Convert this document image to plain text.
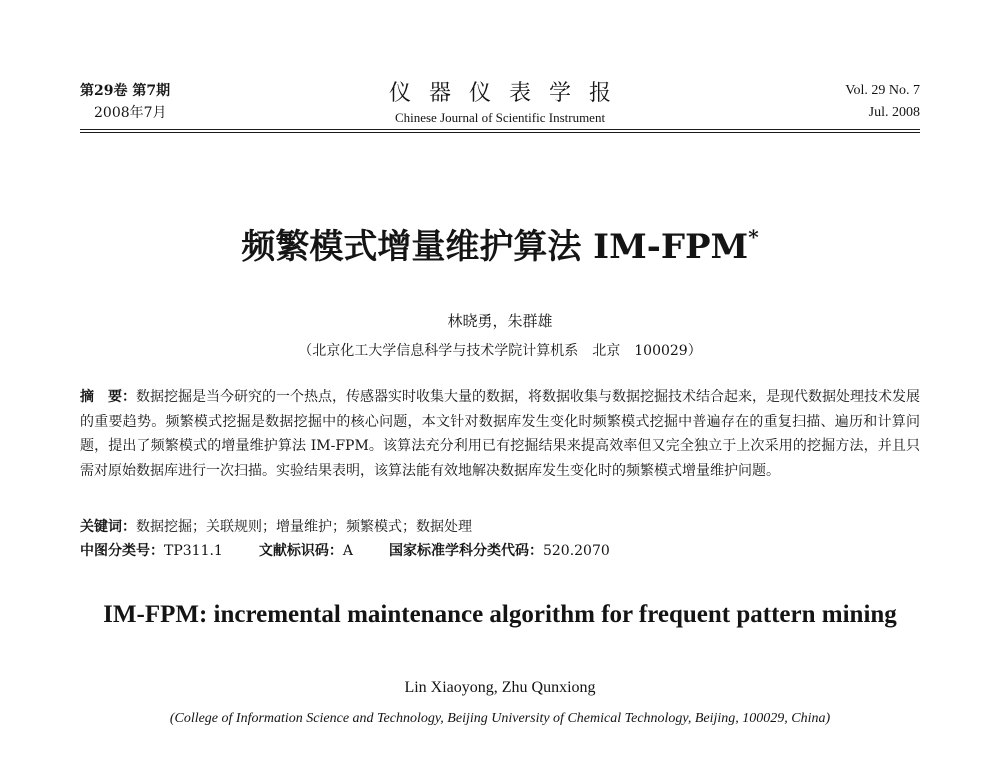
第29卷 第7期
2008年7月
仪器仪表学报
Chinese Journal of Scientific Instrument
Vol. 29 No. 7
Jul. 2008
频繁模式增量维护算法 IM-FPM*
林晓勇，朱群雄
（北京化工大学信息科学与技术学院计算机系　北京　100029）
摘　要：数据挖掘是当今研究的一个热点，传感器实时收集大量的数据，将数据收集与数据挖掘技术结合起来，是现代数据处理技术发展的重要趋势。频繁模式挖掘是数据挖掘中的核心问题，本文针对数据库发生变化时频繁模式挖掘中普遍存在的重复扫描、遍历和计算问题，提出了频繁模式的增量维护算法 IM-FPM。该算法充分利用已有挖掘结果来提高效率但又完全独立于上次采用的挖掘方法，并且只需对原始数据库进行一次扫描。实验结果表明，该算法能有效地解决数据库发生变化时的频繁模式增量维护问题。
关键词：数据挖掘；关联规则；增量维护；频繁模式；数据处理
中图分类号：TP311.1	文献标识码：A	国家标准学科分类代码：520.2070
IM-FPM: incremental maintenance algorithm for frequent pattern mining
Lin Xiaoyong, Zhu Qunxiong
(College of Information Science and Technology, Beijing University of Chemical Technology, Beijing, 100029, China)
